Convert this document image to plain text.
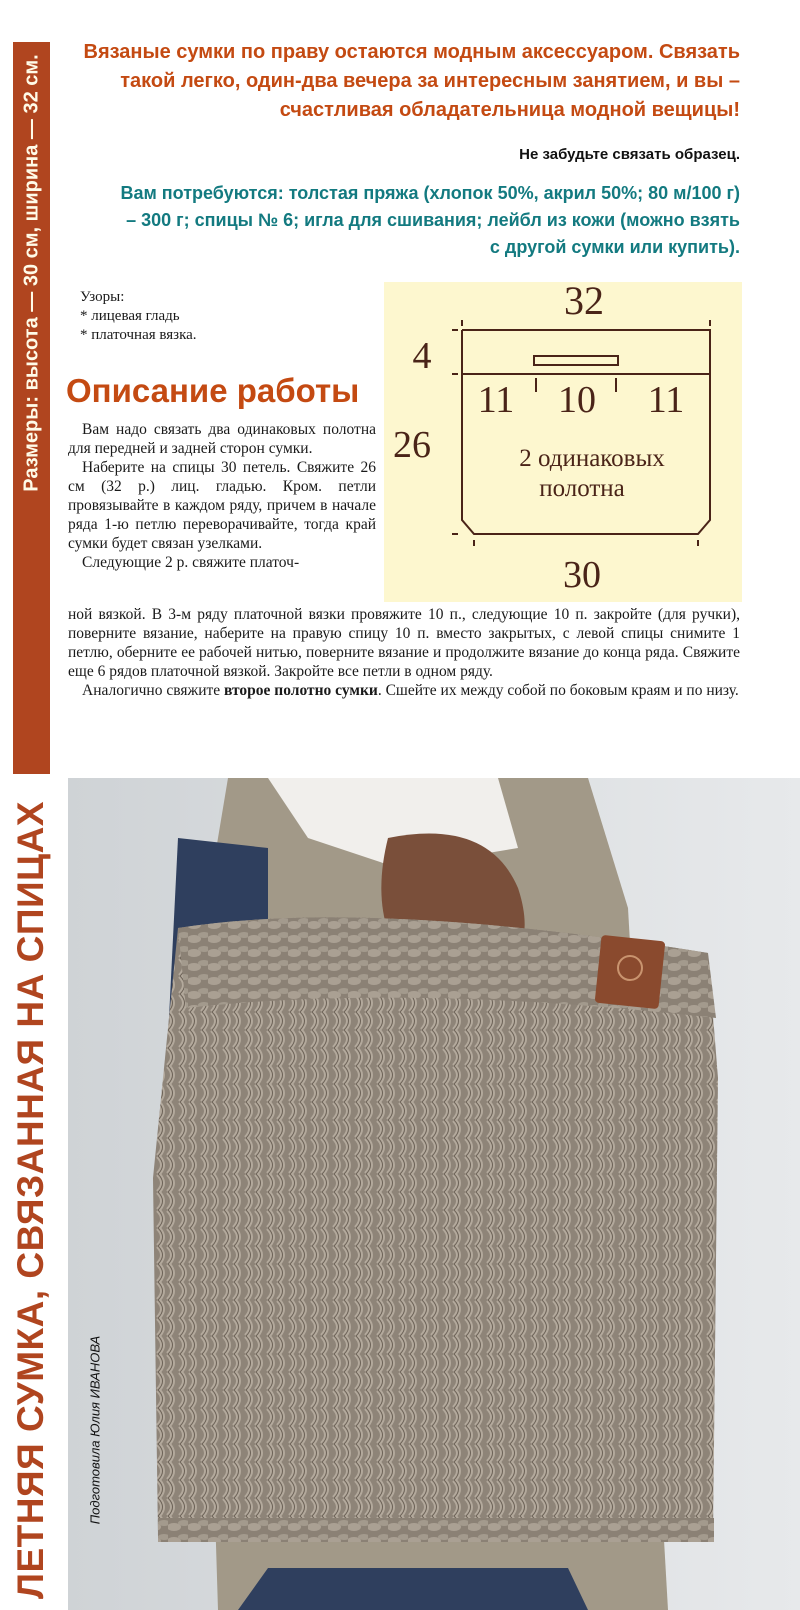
Размеры: высота — 30 см, ширина — 32 см.
ЛЕТНЯЯ СУМКА, СВЯЗАННАЯ НА СПИЦАХ
Вязаные сумки по праву остаются модным аксессуаром. Связать
такой легко, один-два вечера за интересным занятием, и вы –
счастливая обладательница модной вещицы!
Не забудьте связать образец.
Вам потребуются: толстая пряжа (хлопок 50%, акрил 50%; 80 м/100 г)
– 300 г; спицы № 6; игла для сшивания; лейбл из кожи (можно взять
с другой сумки или купить).
Узоры:
* лицевая гладь
* платочная вязка.
Описание работы

Вам надо связать два одинаковых полотна для передней и задней сторон сумки.

Наберите на спицы 30 петель. Свяжите 26 см (32 р.) лиц. гладью. Кром. петли провязывайте в каждом ряду, причем в начале ряда 1-ю петлю переворачивайте, тогда край сумки будет связан узелками.

Следующие 2 р. свяжите платоч-

ной вязкой. В 3-м ряду платочной вязки провяжите 10 п., следующие 10 п. закройте (для ручки), поверните вязание, наберите на правую спицу 10 п. вместо закрытых, с левой спицы снимите 1 петлю, оберните ее рабочей нитью, поверните вязание и продолжите вязание до конца ряда. Свяжите еще 6 рядов платочной вязкой. Закройте все петли в одном ряду.

Аналогично свяжите второе полотно сумки. Сшейте их между собой по боковым краям и по низу.

32
4
26
11 10 11
2 одинаковых
полотна
30
Подготовила Юлия ИВАНОВА
